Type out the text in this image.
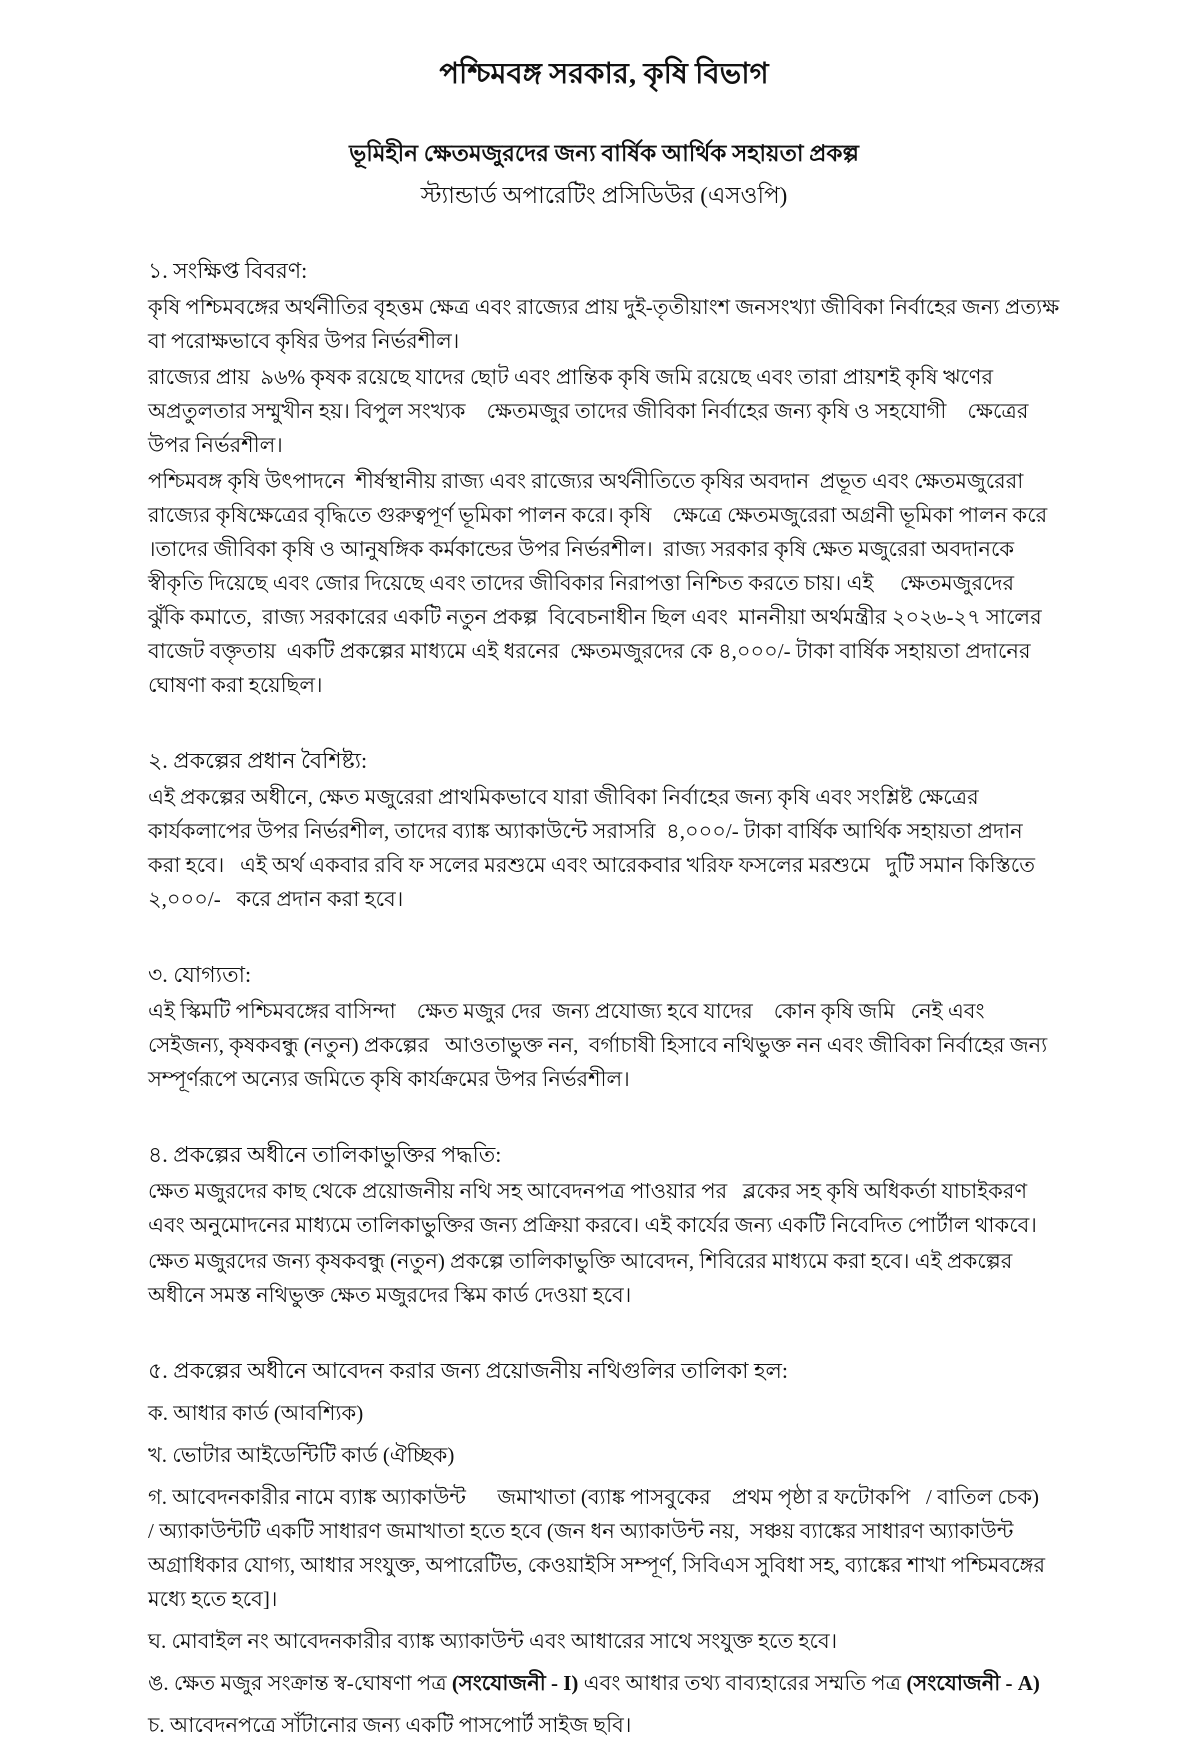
পশ্চিমবঙ্গ সরকার, কৃষি বিভাগ
ভূমিহীন ক্ষেতমজুরদের জন্য বার্ষিক আর্থিক সহায়তা প্রকল্প
স্ট্যান্ডার্ড অপারেটিং প্রসিডিউর (এসওপি)
১. সংক্ষিপ্ত বিবরণ:
কৃষি পশ্চিমবঙ্গের অর্থনীতির বৃহত্তম ক্ষেত্র এবং রাজ্যের প্রায় দুই-তৃতীয়াংশ জনসংখ্যা জীবিকা নির্বাহের জন্য প্রত্যক্ষ বা পরোক্ষভাবে কৃষির উপর নির্ভরশীল।
রাজ্যের প্রায়  ৯৬% কৃষক রয়েছে যাদের ছোট এবং প্রান্তিক কৃষি জমি রয়েছে এবং তারা প্রায়শই কৃষি ঋণের অপ্রতুলতার সম্মুখীন হয়। বিপুল সংখ্যক    ক্ষেতমজুর তাদের জীবিকা নির্বাহের জন্য কৃষি ও সহযোগী    ক্ষেত্রের উপর নির্ভরশীল।
পশ্চিমবঙ্গ কৃষি উৎপাদনে  শীর্ষস্থানীয় রাজ্য এবং রাজ্যের অর্থনীতিতে কৃষির অবদান  প্রভূত এবং ক্ষেতমজুরেরা রাজ্যের কৃষিক্ষেত্রের বৃদ্ধিতে গুরুত্বপূর্ণ ভূমিকা পালন করে। কৃষি    ক্ষেত্রে ক্ষেতমজুরেরা অগ্রনী ভূমিকা পালন করে  ।তাদের জীবিকা কৃষি ও আনুষঙ্গিক কর্মকান্ডের উপর নির্ভরশীল।  রাজ্য সরকার কৃষি ক্ষেত মজুরেরা অবদানকে স্বীকৃতি দিয়েছে এবং জোর দিয়েছে এবং তাদের জীবিকার নিরাপত্তা নিশ্চিত করতে চায়। এই     ক্ষেতমজুরদের  ঝুঁকি কমাতে,  রাজ্য সরকারের একটি নতুন প্রকল্প  বিবেচনাধীন ছিল এবং  মাননীয়া অর্থমন্ত্রীর ২০২৬-২৭ সালের বাজেট বক্তৃতায়  একটি প্রকল্পের মাধ্যমে এই ধরনের  ক্ষেতমজুরদের কে ৪,০০০/- টাকা বার্ষিক সহায়তা প্রদানের ঘোষণা করা হয়েছিল।
২. প্রকল্পের প্রধান বৈশিষ্ট্য:
এই প্রকল্পের অধীনে, ক্ষেত মজুরেরা প্রাথমিকভাবে যারা জীবিকা নির্বাহের জন্য কৃষি এবং সংশ্লিষ্ট ক্ষেত্রের কার্যকলাপের উপর নির্ভরশীল, তাদের ব্যাঙ্ক অ্যাকাউন্টে সরাসরি  ৪,০০০/- টাকা বার্ষিক আর্থিক সহায়তা প্রদান করা হবে।   এই অর্থ একবার রবি ফ সলের মরশুমে এবং আরেকবার খরিফ ফসলের মরশুমে   দুটি সমান কিস্তিতে  ২,০০০/-   করে প্রদান করা হবে।
৩. যোগ্যতা:
এই স্কিমটি পশ্চিমবঙ্গের বাসিন্দা    ক্ষেত মজুর দের  জন্য প্রযোজ্য হবে যাদের    কোন কৃষি জমি   নেই এবং সেইজন্য, কৃষকবন্ধু (নতুন) প্রকল্পের   আওতাভুক্ত নন,  বর্গাচাষী হিসাবে নথিভুক্ত নন এবং জীবিকা নির্বাহের জন্য      সম্পূর্ণরূপে অন্যের জমিতে কৃষি কার্যক্রমের উপর নির্ভরশীল।
৪. প্রকল্পের অধীনে তালিকাভুক্তির পদ্ধতি:
ক্ষেত মজুরদের কাছ থেকে প্রয়োজনীয় নথি সহ আবেদনপত্র পাওয়ার পর   ব্লকের সহ কৃষি অধিকর্তা যাচাইকরণ এবং অনুমোদনের মাধ্যমে তালিকাভুক্তির জন্য প্রক্রিয়া করবে। এই কার্যের জন্য একটি নিবেদিত পোর্টাল থাকবে।
ক্ষেত মজুরদের জন্য কৃষকবন্ধু (নতুন) প্রকল্পে তালিকাভুক্তি আবেদন, শিবিরের মাধ্যমে করা হবে। এই প্রকল্পের অধীনে সমস্ত নথিভুক্ত ক্ষেত মজুরদের স্কিম কার্ড দেওয়া হবে।
৫. প্রকল্পের অধীনে আবেদন করার জন্য প্রয়োজনীয় নথিগুলির তালিকা হল:
ক. আধার কার্ড (আবশ্যিক)
খ. ভোটার আইডেন্টিটি কার্ড (ঐচ্ছিক)
গ. আবেদনকারীর নামে ব্যাঙ্ক অ্যাকাউন্ট      জমাখাতা (ব্যাঙ্ক পাসবুকের    প্রথম পৃষ্ঠা র ফটোকপি   / বাতিল চেক)    / অ্যাকাউন্টটি একটি সাধারণ জমাখাতা হতে হবে (জন ধন অ্যাকাউন্ট নয়,  সঞ্চয় ব্যাঙ্কের সাধারণ অ্যাকাউন্ট অগ্রাধিকার যোগ্য, আধার সংযুক্ত, অপারেটিভ, কেওয়াইসি সম্পূর্ণ, সিবিএস সুবিধা সহ, ব্যাঙ্কের শাখা পশ্চিমবঙ্গের মধ্যে হতে হবে]।
ঘ. মোবাইল নং আবেদনকারীর ব্যাঙ্ক অ্যাকাউন্ট এবং আধারের সাথে সংযুক্ত হতে হবে।
ঙ. ক্ষেত মজুর সংক্রান্ত স্ব-ঘোষণা পত্র (সংযোজনী - I) এবং আধার তথ্য বাব্যহারের সম্মতি পত্র (সংযোজনী - A)
চ. আবেদনপত্রে সাঁটানোর জন্য একটি পাসপোর্ট সাইজ ছবি।
